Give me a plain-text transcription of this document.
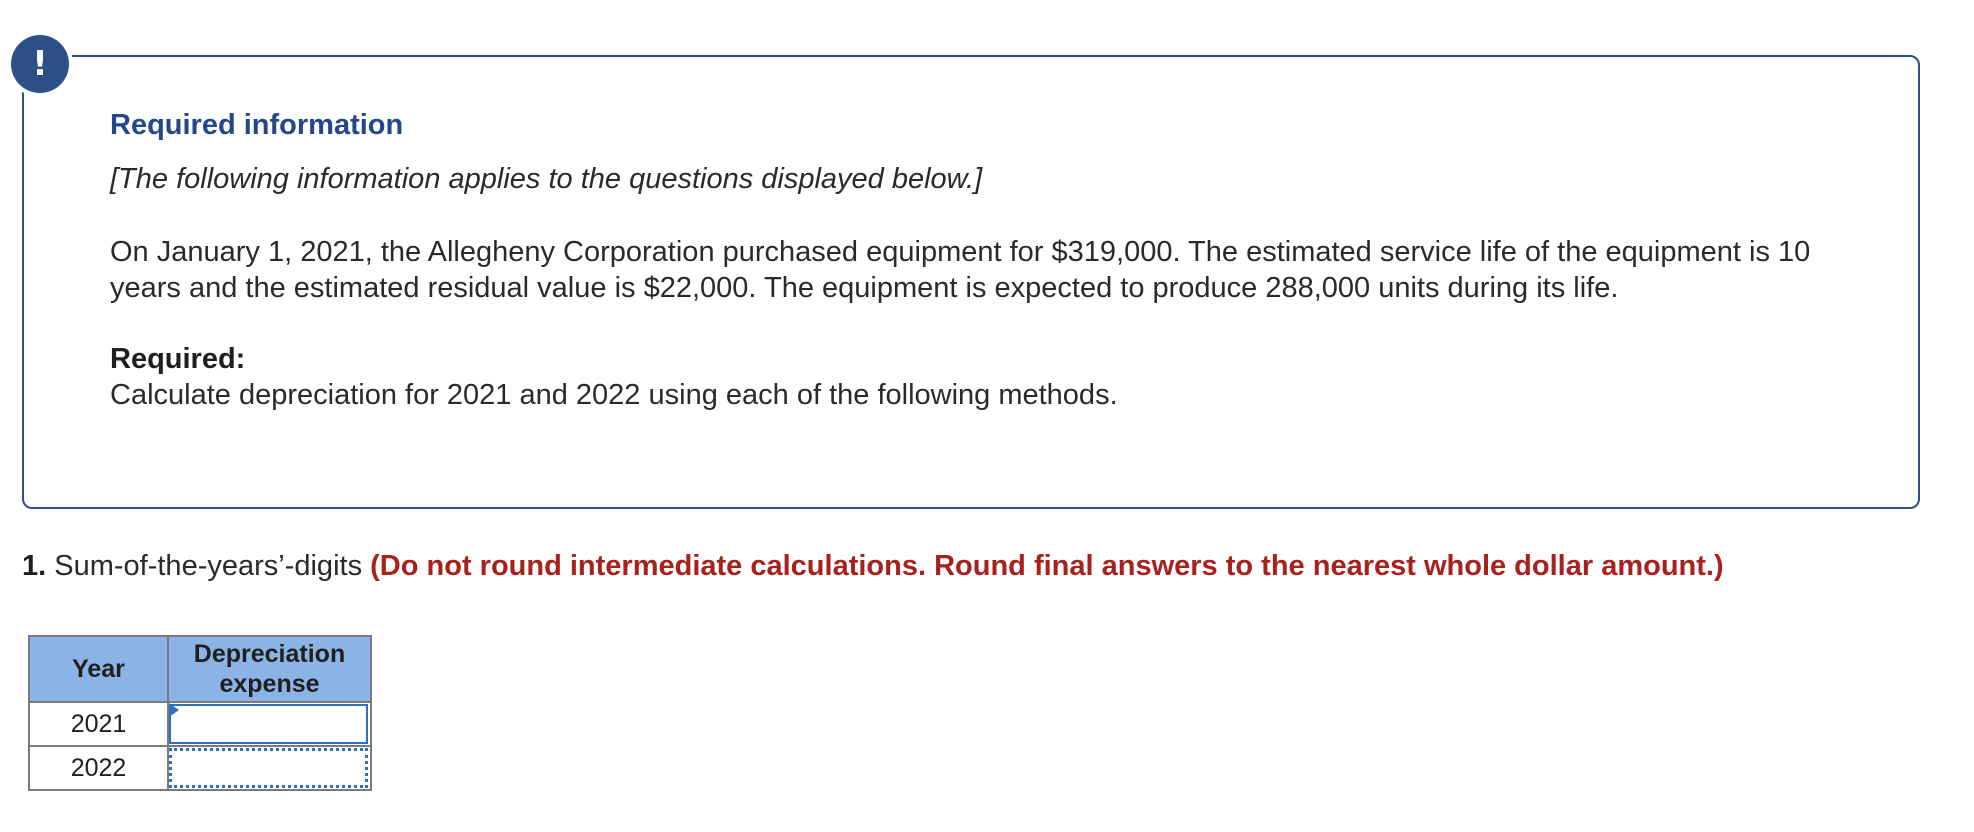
Required information

[The following information applies to the questions displayed below.]

On January 1, 2021, the Allegheny Corporation purchased equipment for $319,000. The estimated service life of the equipment is 10 years and the estimated residual value is $22,000. The equipment is expected to produce 288,000 units during its life.

Required:

Calculate depreciation for 2021 and 2022 using each of the following methods.

!
1. Sum-of-the-years’-digits (Do not round intermediate calculations. Round final answers to the nearest whole dollar amount.)
Year	Depreciation expense
2021	

2022	
